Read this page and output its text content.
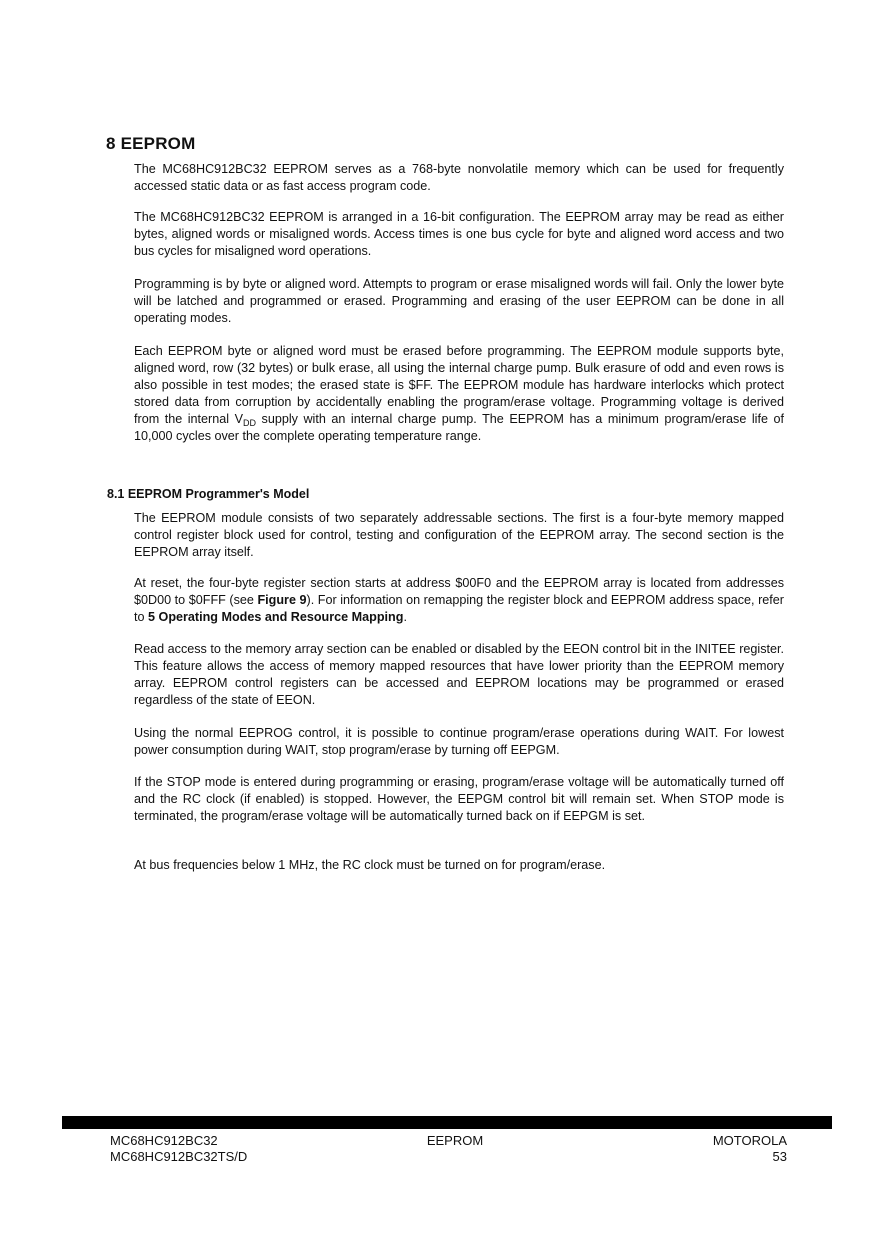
8 EEPROM

The MC68HC912BC32 EEPROM serves as a 768-byte nonvolatile memory which can be used for frequently accessed static data or as fast access program code.

The MC68HC912BC32 EEPROM is arranged in a 16-bit configuration. The EEPROM array may be read as either bytes, aligned words or misaligned words. Access times is one bus cycle for byte and aligned word access and two bus cycles for misaligned word operations.

Programming is by byte or aligned word. Attempts to program or erase misaligned words will fail. Only the lower byte will be latched and programmed or erased. Programming and erasing of the user EEPROM can be done in all operating modes.

Each EEPROM byte or aligned word must be erased before programming. The EEPROM module supports byte, aligned word, row (32 bytes) or bulk erase, all using the internal charge pump. Bulk erasure of odd and even rows is also possible in test modes; the erased state is $FF. The EEPROM module has hardware interlocks which protect stored data from corruption by accidentally enabling the program/erase voltage. Programming voltage is derived from the internal $V_{DD}$ supply with an internal charge pump. The EEPROM has a minimum program/erase life of 10,000 cycles over the complete operating temperature range.

8.1 EEPROM Programmer's Model

The EEPROM module consists of two separately addressable sections. The first is a four-byte memory mapped control register block used for control, testing and configuration of the EEPROM array. The second section is the EEPROM array itself.

At reset, the four-byte register section starts at address $00F0 and the EEPROM array is located from addresses $0D00 to $0FFF (see Figure 9). For information on remapping the register block and EEPROM address space, refer to 5 Operating Modes and Resource Mapping.

Read access to the memory array section can be enabled or disabled by the EEON control bit in the INITEE register. This feature allows the access of memory mapped resources that have lower priority than the EEPROM memory array. EEPROM control registers can be accessed and EEPROM locations may be programmed or erased regardless of the state of EEON.

Using the normal EEPROG control, it is possible to continue program/erase operations during WAIT. For lowest power consumption during WAIT, stop program/erase by turning off EEPGM.

If the STOP mode is entered during programming or erasing, program/erase voltage will be automatically turned off and the RC clock (if enabled) is stopped. However, the EEPGM control bit will remain set. When STOP mode is terminated, the program/erase voltage will be automatically turned back on if EEPGM is set.

At bus frequencies below 1 MHz, the RC clock must be turned on for program/erase.

MC68HC912BC32
MC68HC912BC32TS/D
EEPROM	MOTOROLA
53
